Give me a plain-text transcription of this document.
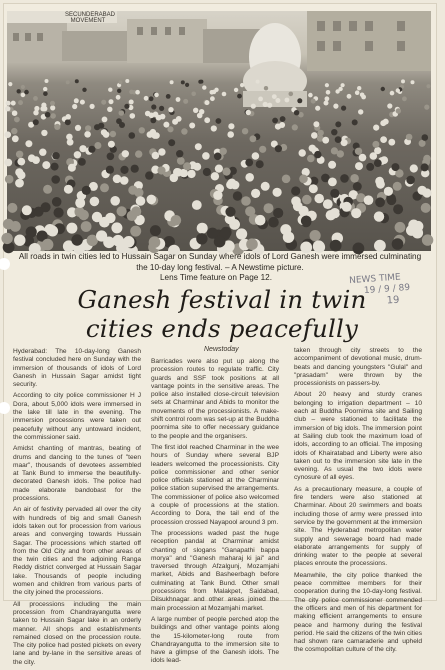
SECUNDERABAD MOVEMENT
All roads in twin cities led to Hussain Sagar on Sunday where idols of Lord Ganesh were immersed culminating
the 10-day long festival. – A Newstime picture.
Lens Time feature on Page 12.	NEWS TIME
19 / 9 / 89
19
Ganesh festival in twin
cities ends peacefully
Newstoday

Hyderabad: The 10-day-long Ganesh festival concluded here on Sunday with the immersion of thousands of idols of Lord Ganesh in Hussain Sagar amidst tight security.

According to city police commissioner H J Dora, about 5,000 idols were immersed in the lake till late in the evening. The immersion processions were taken out peacefully without any untoward incident, the commissioner said.

Amidst chanting of mantras, beating of drums and dancing to the tunes of "teen maar", thousands of devotees assembled at Tank Bund to immerse the beautifully-decorated Ganesh idols. The police had made elaborate bandobast for the processions.

An air of festivity pervaded all over the city with hundreds of big and small Ganesh idols taken out for procession from various areas and converging towards Hussain Sagar. The processions which started off from the Old City and from other areas of the twin cities and the adjoining Ranga Reddy district converged at Hussain Sagar lake. Thousands of people including women and children from various parts of the city joined the processions.

All processions including the main procession from Chandrayangutta were taken to Hussain Sagar lake in an orderly manner. All shops and establishments remained closed on the procession route. The city police had posted pickets on every lane and by-lane in the sensitive areas of the city.

Barricades were also put up along the procession routes to regulate traffic. City guards and SSF took positions at all vantage points in the sensitive areas. The police also installed close-circuit television sets at Charminar and Abids to monitor the movements of the processionists. A make-shift control room was set-up at the Buddha poornima site to offer necessary guidance to the people and the organisers.

The first idol reached Charminar in the wee hours of Sunday where several BJP leaders welcomed the processionists. City police commissioner and other senior police officials stationed at the Charminar police station supervised the arrangements. The commissioner of police also welcomed a couple of processions at the station. According to Dora, the tail end of the procession crossed Nayapool around 3 pm.

The processions waded past the huge reception pandal at Charminar amidst chanting of slogans "Ganapathi bappa morya" and "Ganesh maharaj ki jai" and traversed through Afzalgunj, Mozamjahi market, Abids and Basheerbagh before culminating at Tank Bund. Other small processions from Malakpet, Saidabad, Dilsukhnagar and other areas joined the main procession at Mozamjahi market.

A large number of people perched atop the buildings and other vantage points along the 15-kilometer-long route from Chandrayangutta to the immersion site to have a glimpse of the Ganesh idols. The idols lead-

taken through city streets to the accompaniment of devotional music, drum-beats and dancing youngsters "Gulal" and "prasadam" were thrown by the processionists on passers-by.

About 20 heavy and sturdy cranes belonging to irrigation department – 10 each at Buddha Poornima site and Sailing club – were stationed to facilitate the immersion of big idols. The immersion point at Sailing club took the maximum load of idols, according to an official. The imposing idols of Khairatabad and Liberty were also taken out to the immersion site late in the evening. As usual the two idols were cynosure of all eyes.

As a precautionary measure, a couple of fire tenders were also stationed at Charminar. About 20 swimmers and boats including those of army were pressed into service by the government at the immersion site. The Hyderabad metropolitan water supply and sewerage board had made elaborate arrangements for supply of drinking water to the people at several places enroute the processions.

Meanwhile, the city police thanked the peace committee members for their cooperation during the 10-day-long festival. The city police commissioner commended the officers and men of his department for making efficient arrangements to ensure peace and harmony during the festival period. He said the citizens of the twin cities had shown rare camaraderie and upheld the cosmopolitan culture of the city.
